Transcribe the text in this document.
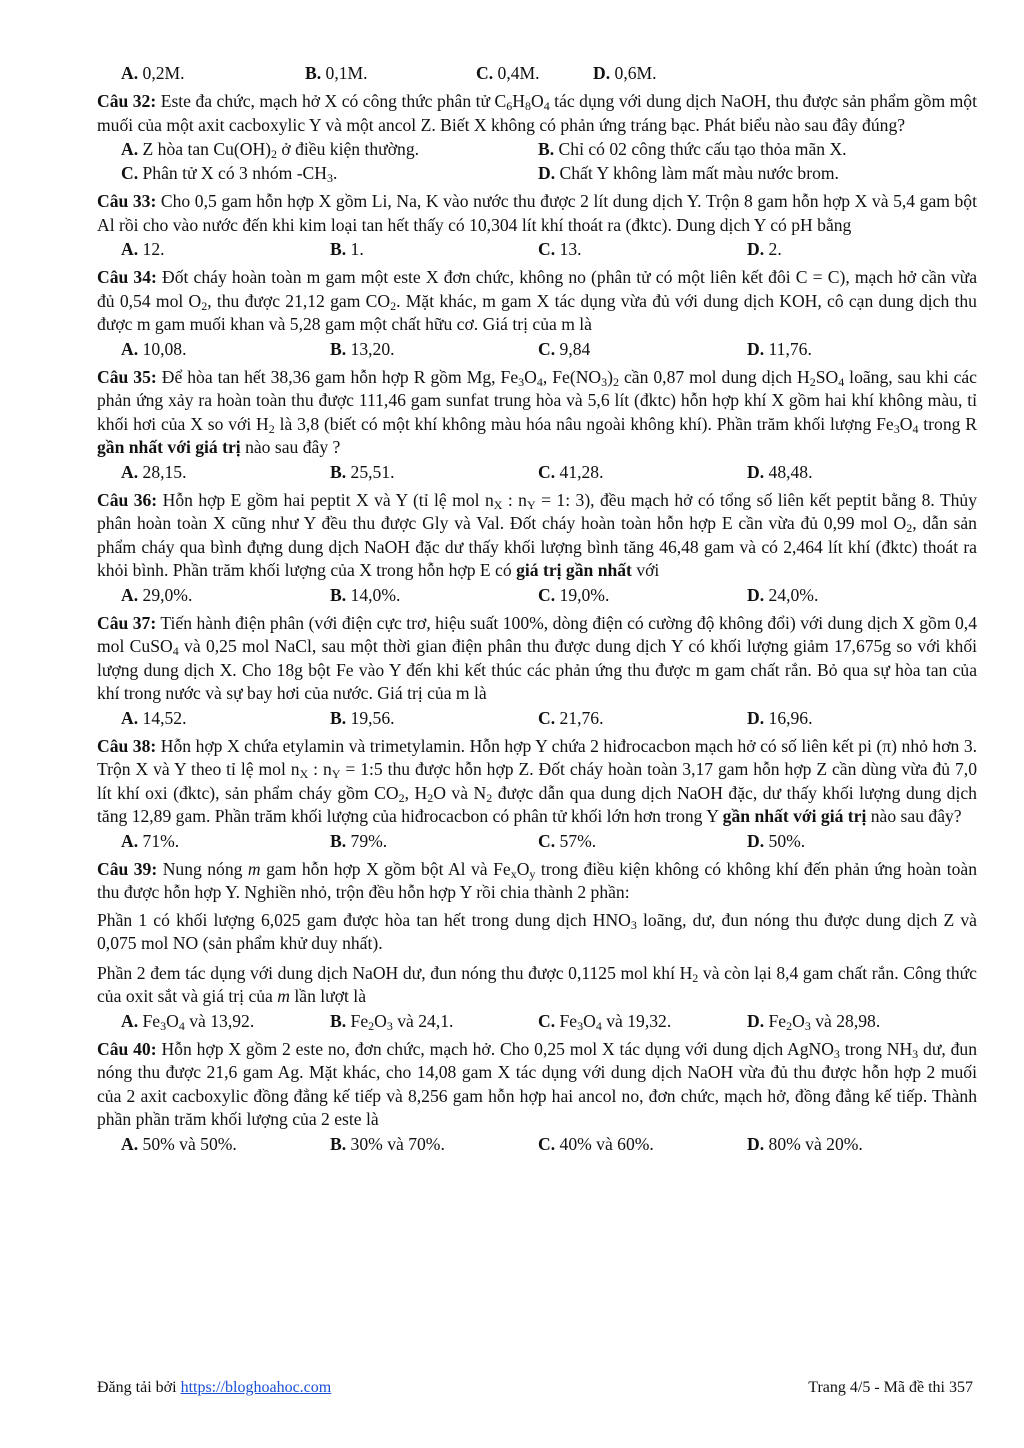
A. 0,2M.	B. 0,1M.	C. 0,4M.	D. 0,6M.

Câu 32: Este đa chức, mạch hở X có công thức phân tử $C_6H_8O_4$ tác dụng với dung dịch NaOH, thu được sản phẩm gồm một muối của một axit cacboxylic Y và một ancol Z. Biết X không có phản ứng tráng bạc. Phát biểu nào sau đây đúng?

A. Z hòa $\tan Cu(OH)_2$ ở điều kiện thường.	B. Chỉ có 02 công thức cấu tạo thỏa mãn X.
C. Phân tử X có 3 nhóm $-CH_3$.	D. Chất Y không làm mất màu nước brom.

Câu 33: Cho 0,5 gam hỗn hợp X gồm Li, Na, K vào nước thu được 2 lít dung dịch Y. Trộn 8 gam hỗn hợp X và 5,4 gam bột Al rồi cho vào nước đến khi kim loại tan hết thấy có 10,304 lít khí thoát ra (đktc). Dung dịch Y có pH bằng

A. 12.	B. 1.	C. 13.	D. 2.

Câu 34: Đốt cháy hoàn toàn m gam một este X đơn chức, không no (phân tử có một liên kết đôi C = C), mạch hở cần vừa đủ 0,54 mol $O_2$, thu được 21,12 gam $CO_2$. Mặt khác, m gam X tác dụng vừa đủ với dung dịch KOH, cô cạn dung dịch thu được m gam muối khan và 5,28 gam một chất hữu cơ. Giá trị của m là

A. 10,08.	B. 13,20.	C. 9,84	D. 11,76.

Câu 35: Để hòa tan hết 38,36 gam hỗn hợp R gồm Mg, $Fe_3O_4$, $Fe(NO_3)_2$ cần 0,87 mol dung dịch $H_2SO_4$ loãng, sau khi các phản ứng xảy ra hoàn toàn thu được 111,46 gam sunfat trung hòa và 5,6 lít (đktc) hỗn hợp khí X gồm hai khí không màu, tỉ khối hơi của X so với $H_2$ là 3,8 (biết có một khí không màu hóa nâu ngoài không khí). Phần trăm khối lượng $Fe_3O_4$ trong R gần nhất với giá trị nào sau đây ?

A. 28,15.	B. 25,51.	C. 41,28.	D. 48,48.

Câu 36: Hỗn hợp E gồm hai peptit X và Y (tỉ lệ mol $n_X$ : $n_Y = 1$: 3), đều mạch hở có tổng số liên kết peptit bằng 8. Thủy phân hoàn toàn X cũng như Y đều thu được Gly và Val. Đốt cháy hoàn toàn hỗn hợp E cần vừa đủ 0,99 mol $O_2$, dẫn sản phẩm cháy qua bình đựng dung dịch NaOH đặc dư thấy khối lượng bình tăng 46,48 gam và có 2,464 lít khí (đktc) thoát ra khỏi bình. Phần trăm khối lượng của X trong hỗn hợp E có giá trị gần nhất với

A. 29,0%.	B. 14,0%.	C. 19,0%.	D. 24,0%.

Câu 37: Tiến hành điện phân (với điện cực trơ, hiệu suất 100%, dòng điện có cường độ không đổi) với dung dịch X gồm 0,4 mol CuSO$_4$ và 0,25 mol NaCl, sau một thời gian điện phân thu được dung dịch Y có khối lượng giảm 17,675g so với khối lượng dung dịch X. Cho 18g bột Fe vào Y đến khi kết thúc các phản ứng thu được m gam chất rắn. Bỏ qua sự hòa tan của khí trong nước và sự bay hơi của nước. Giá trị của m là

A. 14,52.	B. 19,56.	C. 21,76.	D. 16,96.

Câu 38: Hỗn hợp X chứa etylamin và trimetylamin. Hỗn hợp Y chứa 2 hiđrocacbon mạch hở có số liên kết pi (π) nhỏ hơn 3. Trộn X và Y theo tỉ lệ mol $n_X$ : $n_Y$ = 1:5 thu được hỗn hợp Z. Đốt cháy hoàn toàn 3,17 gam hỗn hợp Z cần dùng vừa đủ 7,0 lít khí oxi (đktc), sản phẩm cháy gồm $CO_2$, $H_2O$ và $N_2$ được dẫn qua dung dịch NaOH đặc, dư thấy khối lượng dung dịch tăng 12,89 gam. Phần trăm khối lượng của hiđrocacbon có phân tử khối lớn hơn trong Y gần nhất với giá trị nào sau đây?

A. 71%.	B. 79%.	C. 57%.	D. 50%.

Câu 39: Nung nóng m gam hỗn hợp X gồm bột Al và $Fe_xO_y$ trong điều kiện không có không khí đến phản ứng hoàn toàn thu được hỗn hợp Y. Nghiền nhỏ, trộn đều hỗn hợp Y rồi chia thành 2 phần:

Phần 1 có khối lượng 6,025 gam được hòa tan hết trong dung dịch $HNO_3$ loãng, dư, đun nóng thu được dung dịch Z và 0,075 mol NO (sản phẩm khử duy nhất).

Phần 2 đem tác dụng với dung dịch NaOH dư, đun nóng thu được 0,1125 mol khí $H_2$ và còn lại 8,4 gam chất rắn. Công thức của oxit sắt và giá trị của m lần lượt là

A. $Fe_3O_4$ và 13,92.	B. $Fe_2O_3$ và 24,1.	C. $Fe_3O_4$ và 19,32.	D. $Fe_2O_3$ và 28,98.

Câu 40: Hỗn hợp X gồm 2 este no, đơn chức, mạch hở. Cho 0,25 mol X tác dụng với dung dịch AgNO$_3$ trong $NH_3$ dư, đun nóng thu được 21,6 gam Ag. Mặt khác, cho 14,08 gam X tác dụng với dung dịch NaOH vừa đủ thu được hỗn hợp 2 muối của 2 axit cacboxylic đồng đẳng kế tiếp và 8,256 gam hỗn hợp hai ancol no, đơn chức, mạch hở, đồng đẳng kế tiếp. Thành phần phần trăm khối lượng của 2 este là

A. 50% và 50%.	B. 30% và 70%.	C. 40% và 60%.	D. 80% và 20%.
Đăng tải bởi https://bloghoahoc.com	Trang 4/5 - Mã đề thi 357
